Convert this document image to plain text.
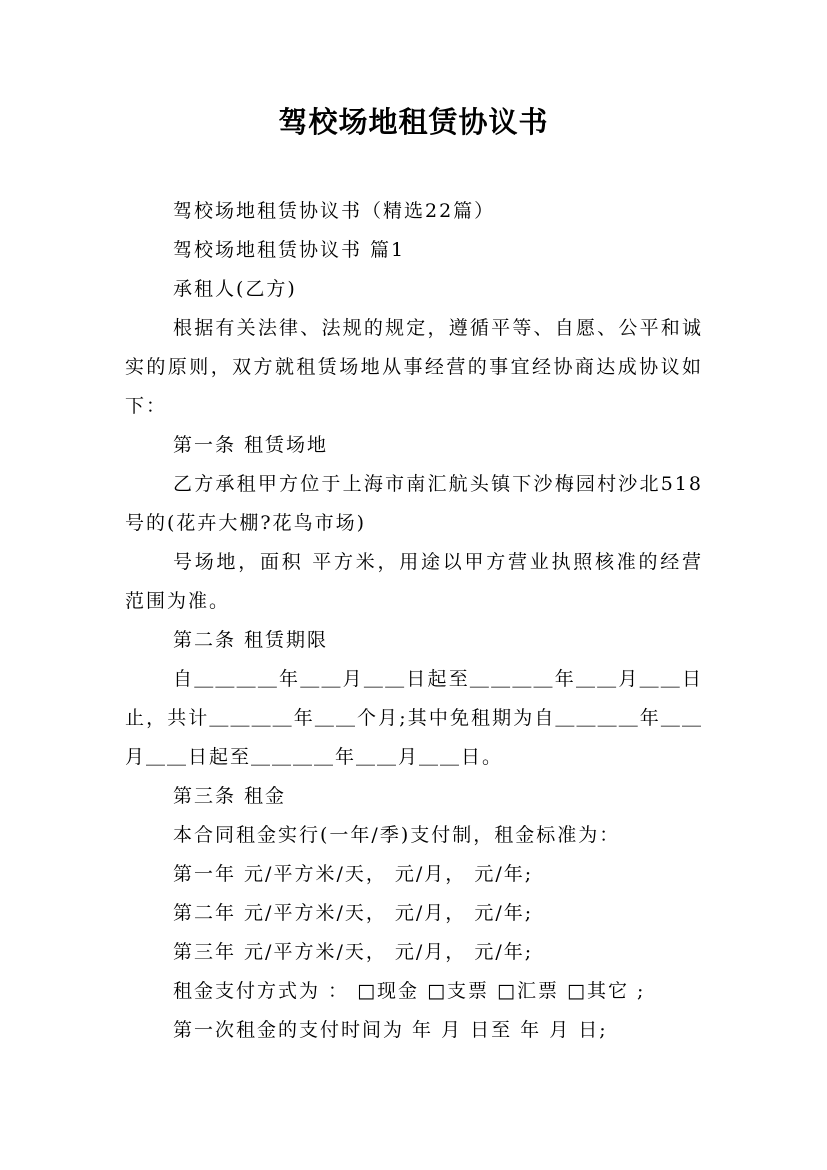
驾校场地租赁协议书

驾校场地租赁协议书（精选22篇）

驾校场地租赁协议书 篇1

承租人(乙方)

根据有关法律、法规的规定，遵循平等、自愿、公平和诚实的原则，双方就租赁场地从事经营的事宜经协商达成协议如下：

第一条 租赁场地

乙方承租甲方位于上海市南汇航头镇下沙梅园村沙北518号的(花卉大棚?花鸟市场)

号场地，面积 平方米，用途以甲方营业执照核准的经营范围为准。

第二条 租赁期限

自＿＿＿＿年＿＿月＿＿日起至＿＿＿＿年＿＿月＿＿日止，共计＿＿＿＿年＿＿个月;其中免租期为自＿＿＿＿年＿＿月＿＿日起至＿＿＿＿年＿＿月＿＿日。

第三条 租金

本合同租金实行(一年/季)支付制，租金标准为：

第一年 元/平方米/天， 元/月， 元/年;

第二年 元/平方米/天， 元/月， 元/年;

第三年 元/平方米/天， 元/月， 元/年;

租金支付方式为 ： □现金 □支票 □汇票 □其它 ;

第一次租金的支付时间为 年 月 日至 年 月 日;
